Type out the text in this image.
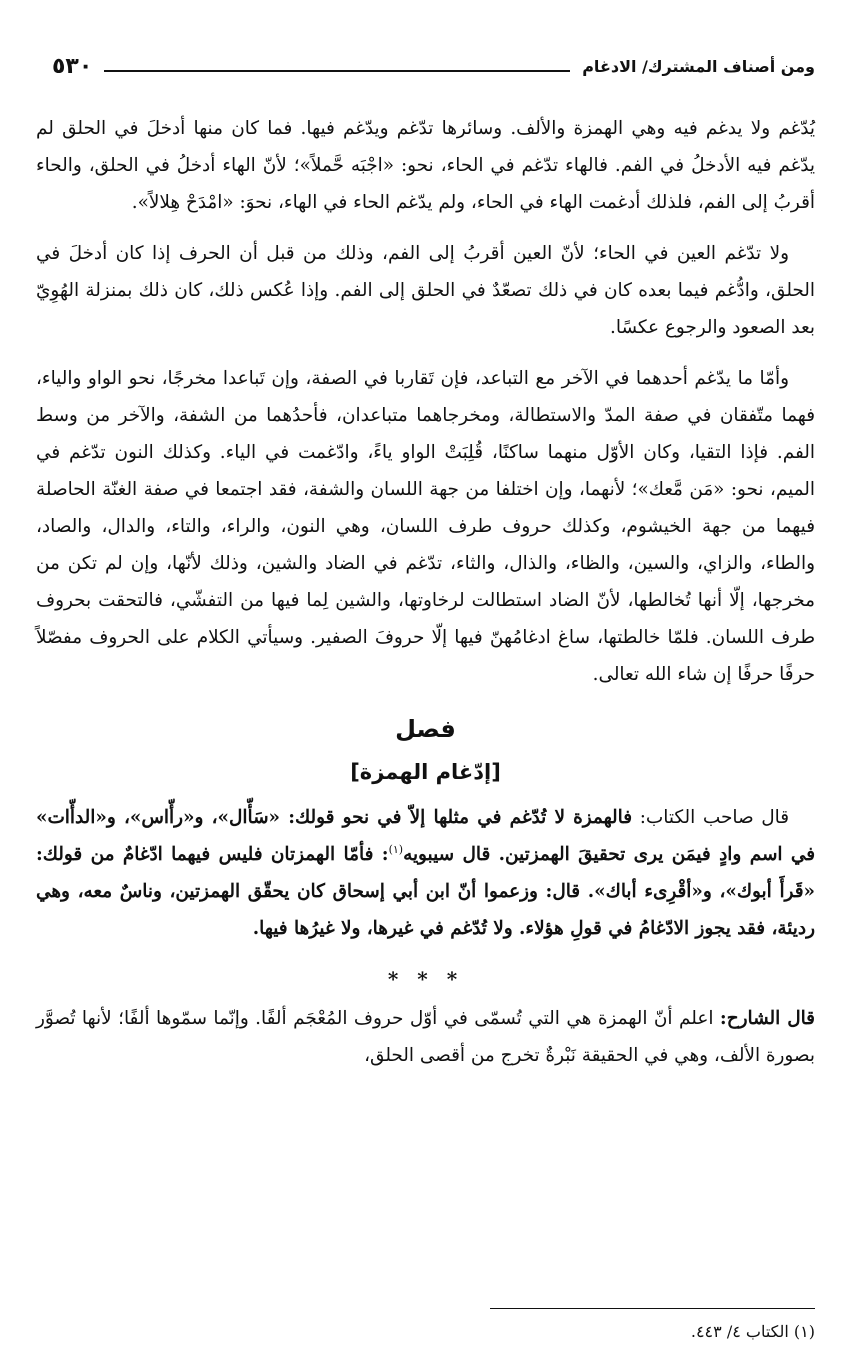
ومن أصناف المشترك/ الادغام
٥٣٠

يُدّغم ولا يدغم فيه وهي الهمزة والألف. وسائرها تدّغم ويدّغم فيها. فما كان منها أدخلَ في الحلق لم يدّغم فيه الأدخلُ في الفم. فالهاء تدّغم في الحاء، نحو: «اجْبَه حَّملاً»؛ لأنّ الهاء أدخلُ في الحلق، والحاء أقربُ إلى الفم، فلذلك أدغمت الهاء في الحاء، ولم يدّغم الحاء في الهاء، نحوَ: «امْدَحْ هِلالاً».

ولا تدّغم العين في الحاء؛ لأنّ العين أقربُ إلى الفم، وذلك من قبل أن الحرف إذا كان أدخلَ في الحلق، وادُّغم فيما بعده كان في ذلك تصعّدٌ في الحلق إلى الفم. وإذا عُكس ذلك، كان ذلك بمنزلة الهُوِيّ بعد الصعود والرجوع عكسًا.

وأمّا ما يدّغم أحدهما في الآخر مع التباعد، فإن تَقاربا في الصفة، وإن تَباعدا مخرجًا، نحو الواو والياء، فهما متّفقان في صفة المدّ والاستطالة، ومخرجاهما متباعدان، فأحدُهما من الشفة، والآخر من وسط الفم. فإذا التقيا، وكان الأوّل منهما ساكنًا، قُلِبَتْ الواو ياءً، وادّغمت في الياء. وكذلك النون تدّغم في الميم، نحو: «مَن مَّعك»؛ لأنهما، وإن اختلفا من جهة اللسان والشفة، فقد اجتمعا في صفة الغنّة الحاصلة فيهما من جهة الخيشوم، وكذلك حروف طرف اللسان، وهي النون، والراء، والتاء، والدال، والصاد، والطاء، والزاي، والسين، والظاء، والذال، والثاء، تدّغم في الضاد والشين، وذلك لأنّها، وإن لم تكن من مخرجها، إلّا أنها تُخالطها، لأنّ الضاد استطالت لرخاوتها، والشين لِما فيها من التفشّي، فالتحقت بحروف طرف اللسان. فلمّا خالطتها، ساغ ادغامُهنّ فيها إلّا حروفَ الصفير. وسيأتي الكلام على الحروف مفصّلاً حرفًا حرفًا إن شاء الله تعالى.

فصل
[إدّغام الهمزة]

قال صاحب الكتاب: فالهمزة لا تُدّغم في مثلها إلاّ في نحو قولك: «سَأّال»، و«رأّاس»، و«الدأّات» في اسم وادٍ فيمَن يرى تحقيقَ الهمزتين. قال سيبويه$^{(١)}$: فأمّا الهمزتان فليس فيهما ادّغامٌ من قولك: «قَرأَ أبوك»، و«أقْرِىء أباك». قال: وزعموا أنّ ابن أبي إسحاق كان يحقّق الهمزتين، وناسٌ معه، وهي رديئة، فقد يجوز الادّغامُ في قولِ هؤلاء. ولا تُدّغم في غيرها، ولا غيرُها فيها.

* * *

قال الشارح: اعلم أنّ الهمزة هي التي تُسمّى في أوّل حروف المُعْجَم ألفًا. وإنّما سمّوها ألفًا؛ لأنها تُصوَّر بصورة الألف، وهي في الحقيقة نَبْرةٌ تخرج من أقصى الحلق،

(١) الكتاب ٤/ ٤٤٣.
